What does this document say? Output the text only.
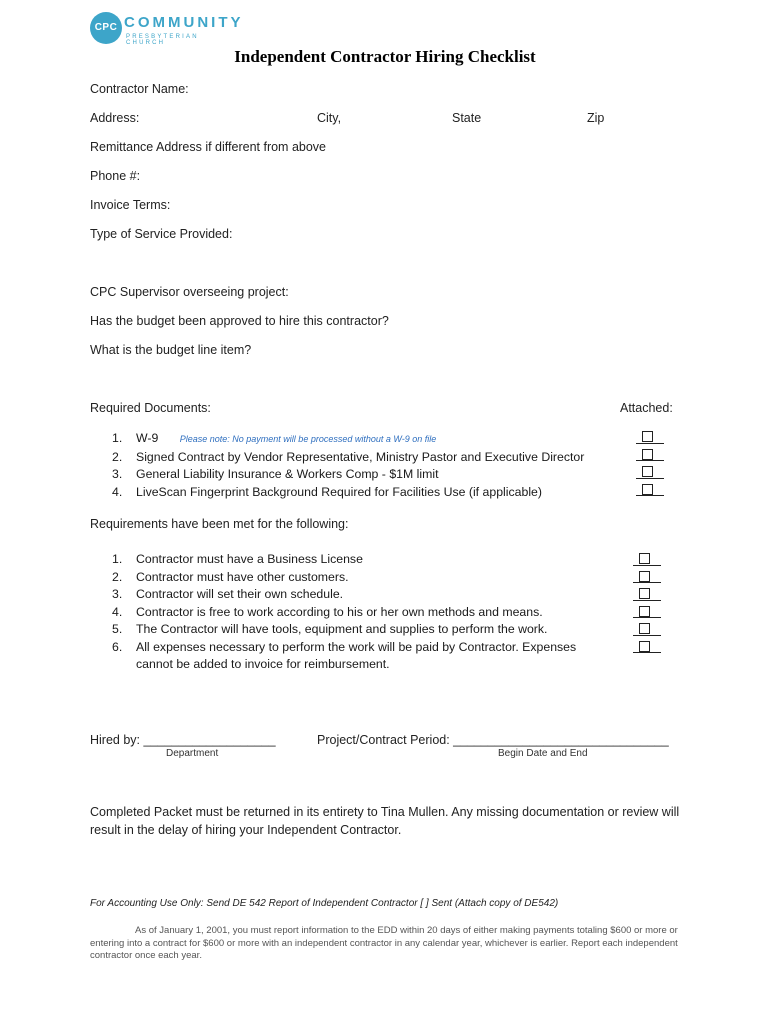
CPC COMMUNITY
PRESBYTERIAN CHURCH
Independent Contractor Hiring Checklist
Contractor Name:
Address:	City,	State	Zip
Remittance Address if different from above
Phone #:
Invoice Terms:
Type of Service Provided:
CPC Supervisor overseeing project:
Has the budget been approved to hire this contractor?
What is the budget line item?
Required Documents:	Attached:
1. W-9 Please note: No payment will be processed without a W-9 on file
2. Signed Contract by Vendor Representative, Ministry Pastor and Executive Director
3. General Liability Insurance & Workers Comp - $1M limit
4. LiveScan Fingerprint Background Required for Facilities Use (if applicable)
Requirements have been met for the following:
1. Contractor must have a Business License
2. Contractor must have other customers.
3. Contractor will set their own schedule.
4. Contractor is free to work according to his or her own methods and means.
5. The Contractor will have tools, equipment and supplies to perform the work.
6. All expenses necessary to perform the work will be paid by Contractor. Expenses cannot be added to invoice for reimbursement.
Hired by: ___________________
Department
Project/Contract Period: _______________________________
Begin Date and End
Completed Packet must be returned in its entirety to Tina Mullen. Any missing documentation or review will result in the delay of hiring your Independent Contractor.
For Accounting Use Only: Send DE 542 Report of Independent Contractor [ ] Sent (Attach copy of DE542)
As of January 1, 2001, you must report information to the EDD within 20 days of either making payments totaling $600 or more or entering into a contract for $600 or more with an independent contractor in any calendar year, whichever is earlier. Report each independent contractor once each year.
